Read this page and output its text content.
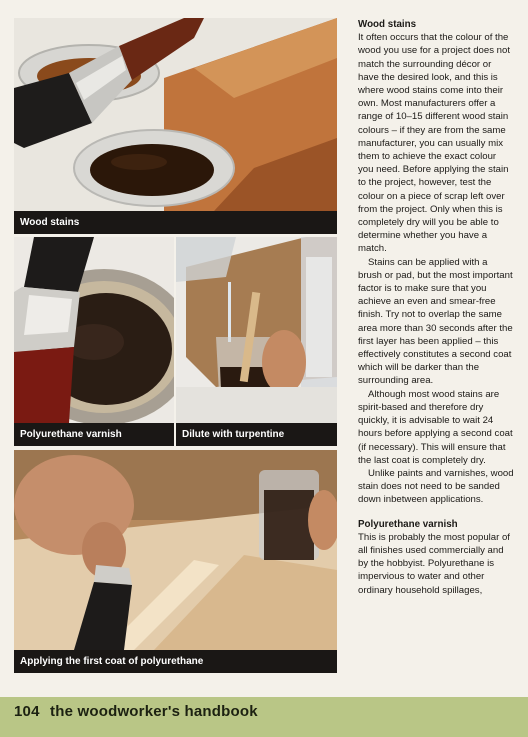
Wood stains
Polyurethane varnish	Dilute with turpentine
Applying the first coat of polyurethane
Wood stains

It often occurs that the colour of the wood you use for a project does not match the surrounding décor or have the desired look, and this is where wood stains come into their own. Most manufacturers offer a range of 10–15 different wood stain colours – if they are from the same manufacturer, you can usually mix them to achieve the exact colour you need. Before applying the stain to the project, however, test the colour on a piece of scrap left over from the project. Only when this is completely dry will you be able to determine whether you have a match.

Stains can be applied with a brush or pad, but the most important factor is to make sure that you achieve an even and smear-free finish. Try not to overlap the same area more than 30 seconds after the first layer has been applied – this effectively constitutes a second coat which will be darker than the surrounding area.

Although most wood stains are spirit-based and therefore dry quickly, it is advisable to wait 24 hours before applying a second coat (if necessary). This will ensure that the last coat is completely dry.

Unlike paints and varnishes, wood stain does not need to be sanded down inbetween applications.

Polyurethane varnish

This is probably the most popular of all finishes used commercially and by the hobbyist. Polyurethane is impervious to water and other ordinary household spillages,

104 the woodworker's handbook
